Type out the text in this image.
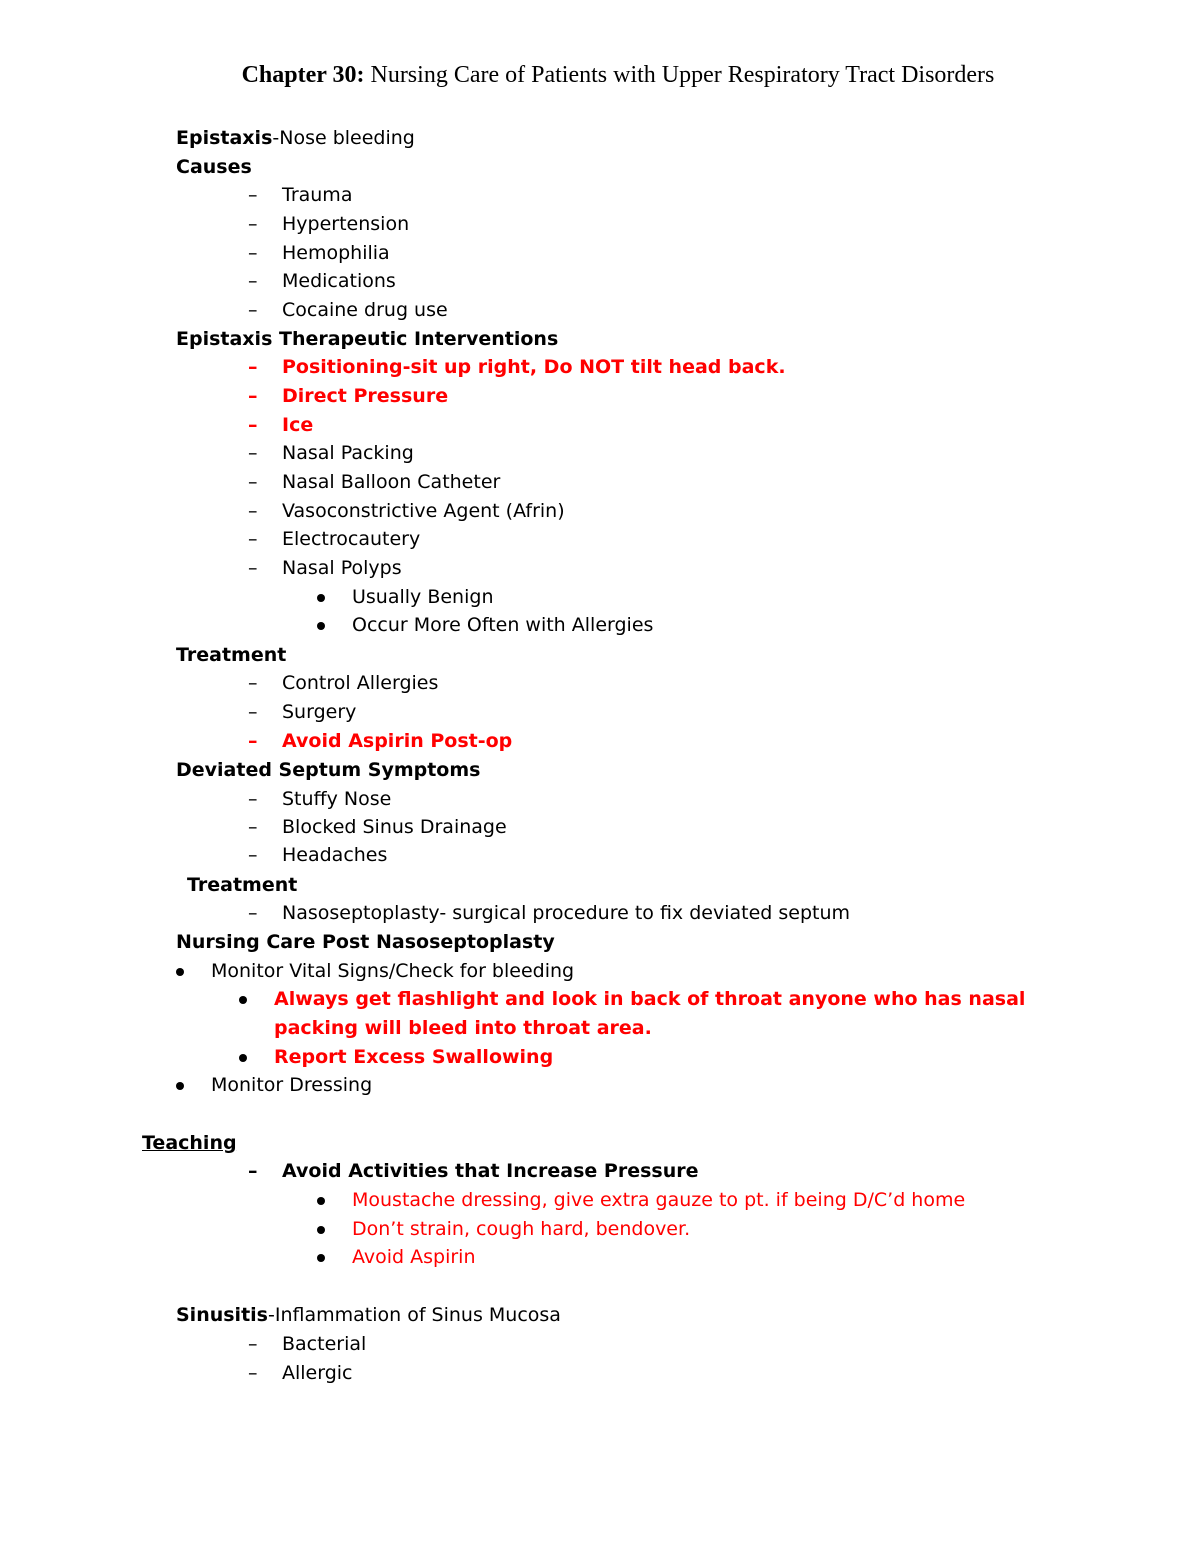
Chapter 30: Nursing Care of Patients with Upper Respiratory Tract Disorders
Epistaxis-Nose bleeding
Causes
– Trauma
– Hypertension
– Hemophilia
– Medications
– Cocaine drug use
Epistaxis Therapeutic Interventions
– Positioning-sit up right, Do NOT tilt head back.
– Direct Pressure
– Ice
– Nasal Packing
– Nasal Balloon Catheter
– Vasoconstrictive Agent (Afrin)
– Electrocautery
– Nasal Polyps
Usually Benign
Occur More Often with Allergies
Treatment
– Control Allergies
– Surgery
– Avoid Aspirin Post-op
Deviated Septum Symptoms
– Stuffy Nose
– Blocked Sinus Drainage
– Headaches
Treatment
– Nasoseptoplasty- surgical procedure to fix deviated septum
Nursing Care Post Nasoseptoplasty
Monitor Vital Signs/Check for bleeding
Always get flashlight and look in back of throat anyone who has nasal
packing will bleed into throat area.
Report Excess Swallowing
Monitor Dressing
Teaching
– Avoid Activities that Increase Pressure
Moustache dressing, give extra gauze to pt. if being D/C’d home
Don’t strain, cough hard, bendover.
Avoid Aspirin
Sinusitis-Inflammation of Sinus Mucosa
– Bacterial
– Allergic
